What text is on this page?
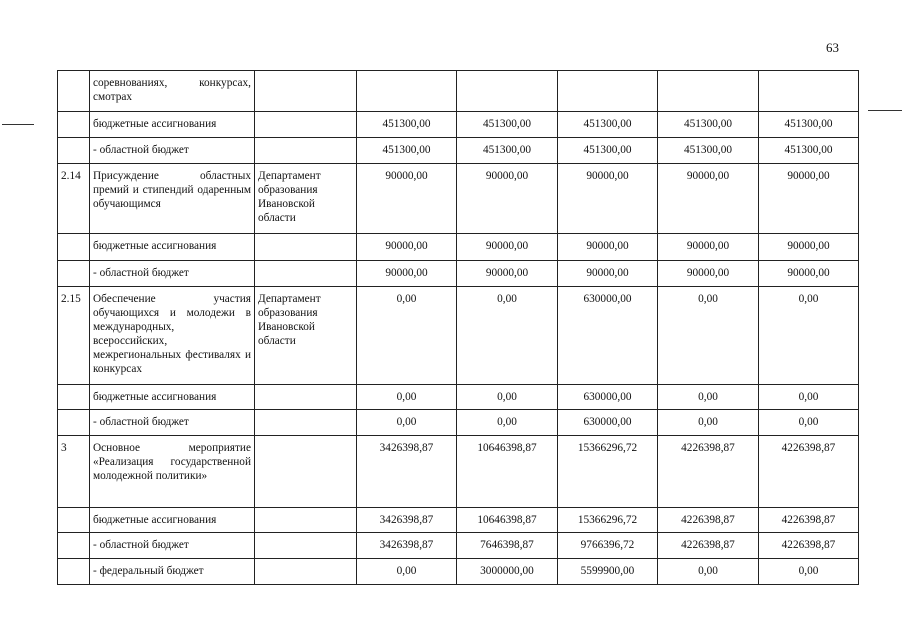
63
	соревнованиях, конкурсах, смотрах						
	бюджетные ассигнования		451300,00	451300,00	451300,00	451300,00	451300,00
	- областной бюджет		451300,00	451300,00	451300,00	451300,00	451300,00
2.14	Присуждение областных премий и стипендий одаренным обучающимся	Департамент образования Ивановской области	90000,00	90000,00	90000,00	90000,00	90000,00
	бюджетные ассигнования		90000,00	90000,00	90000,00	90000,00	90000,00
	- областной бюджет		90000,00	90000,00	90000,00	90000,00	90000,00
2.15	Обеспечение участия обучающихся и молодежи в международных, всероссийских, межрегиональных фестивалях и конкурсах	Департамент образования Ивановской области	0,00	0,00	630000,00	0,00	0,00
	бюджетные ассигнования		0,00	0,00	630000,00	0,00	0,00
	- областной бюджет		0,00	0,00	630000,00	0,00	0,00
3	Основное мероприятие «Реализация государственной молодежной политики»		3426398,87	10646398,87	15366296,72	4226398,87	4226398,87
	бюджетные ассигнования		3426398,87	10646398,87	15366296,72	4226398,87	4226398,87
	- областной бюджет		3426398,87	7646398,87	9766396,72	4226398,87	4226398,87
	- федеральный бюджет		0,00	3000000,00	5599900,00	0,00	0,00
